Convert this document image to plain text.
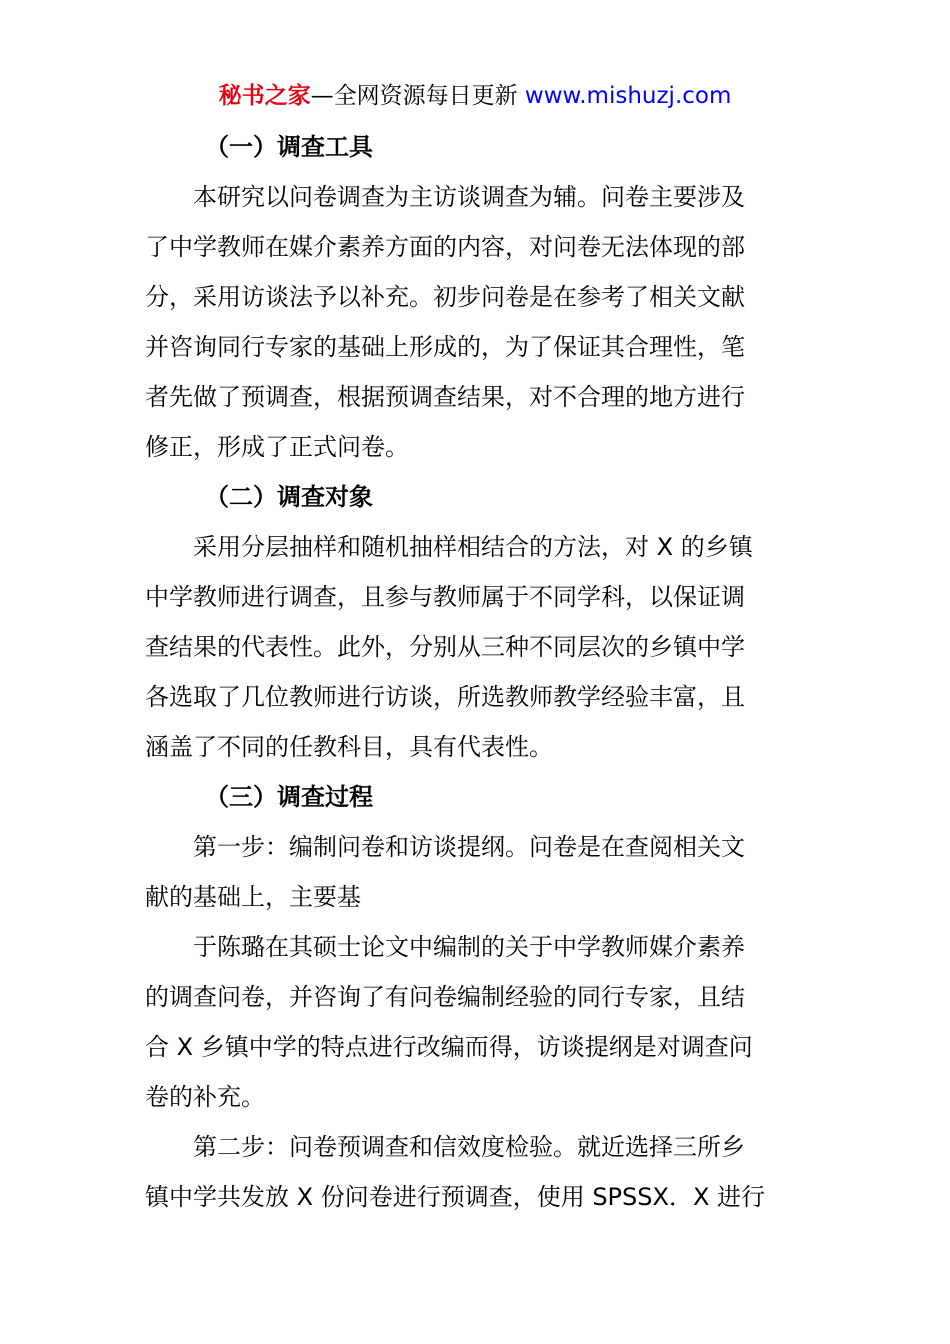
秘书之家—全网资源每日更新 www.mishuzj.com
（一）调查工具
本研究以问卷调查为主访谈调查为辅。问卷主要涉及
了中学教师在媒介素养方面的内容，对问卷无法体现的部
分，采用访谈法予以补充。初步问卷是在参考了相关文献
并咨询同行专家的基础上形成的，为了保证其合理性，笔
者先做了预调查，根据预调查结果，对不合理的地方进行
修正，形成了正式问卷。
（二）调查对象
采用分层抽样和随机抽样相结合的方法，对 X 的乡镇
中学教师进行调查，且参与教师属于不同学科，以保证调
查结果的代表性。此外，分别从三种不同层次的乡镇中学
各选取了几位教师进行访谈，所选教师教学经验丰富，且
涵盖了不同的任教科目，具有代表性。
（三）调查过程
第一步：编制问卷和访谈提纲。问卷是在查阅相关文
献的基础上，主要基
于陈璐在其硕士论文中编制的关于中学教师媒介素养
的调查问卷，并咨询了有问卷编制经验的同行专家，且结
合 X 乡镇中学的特点进行改编而得，访谈提纲是对调查问
卷的补充。
第二步：问卷预调查和信效度检验。就近选择三所乡
镇中学共发放 X 份问卷进行预调查，使用 SPSSX．X 进行
